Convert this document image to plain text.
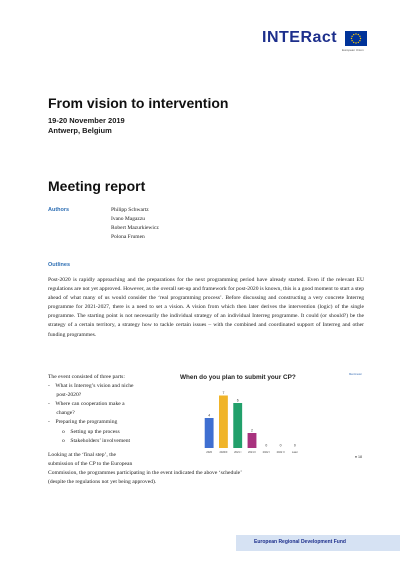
INTERact
European Union
From vision to intervention
19-20 November 2019
Antwerp, Belgium
Meeting report
Authors	Philipp Schwartz
Ivano Magazzu
Robert Mazurkiewicz
Polona Frumen
Outlines
Post-2020 is rapidly approaching and the preparations for the next programming period have already started. Even if the relevant EU regulations are not yet approved. However, as the overall set-up and framework for post-2020 is known, this is a good moment to start a step ahead of what many of us would consider the ‘real programming process’. Before discussing and constructing a very concrete Interreg programme for 2021-2027, there is a need to set a vision. A vision from which then later derives the intervention (logic) of the single programme. The starting point is not necessarily the individual strategy of an individual Interreg programme. It could (or should?) be the strategy of a certain territory, a strategy how to tackle certain issues – with the combined and coordinated support of Interreg and other funding programmes.
The event consisted of three parts:
-    What is Interreg’s vision and niche
post-2020?
-    Where can cooperation make a
change?
-    Preparing the programming
o    Setting up the process
o    Stakeholders’ involvement
4
2020
7
2020/II
6
2021 I
2
2021 II
0
2022 I
0
2022 II
0
Later
When do you plan to submit your CP?	Mentimeter
● 18
Looking at the ‘final step’, the
submission of the CP to the European
Commission, the programmes participating in the event indicated the above ‘schedule’
(despite the regulations not yet being approved).
European Regional Development Fund
